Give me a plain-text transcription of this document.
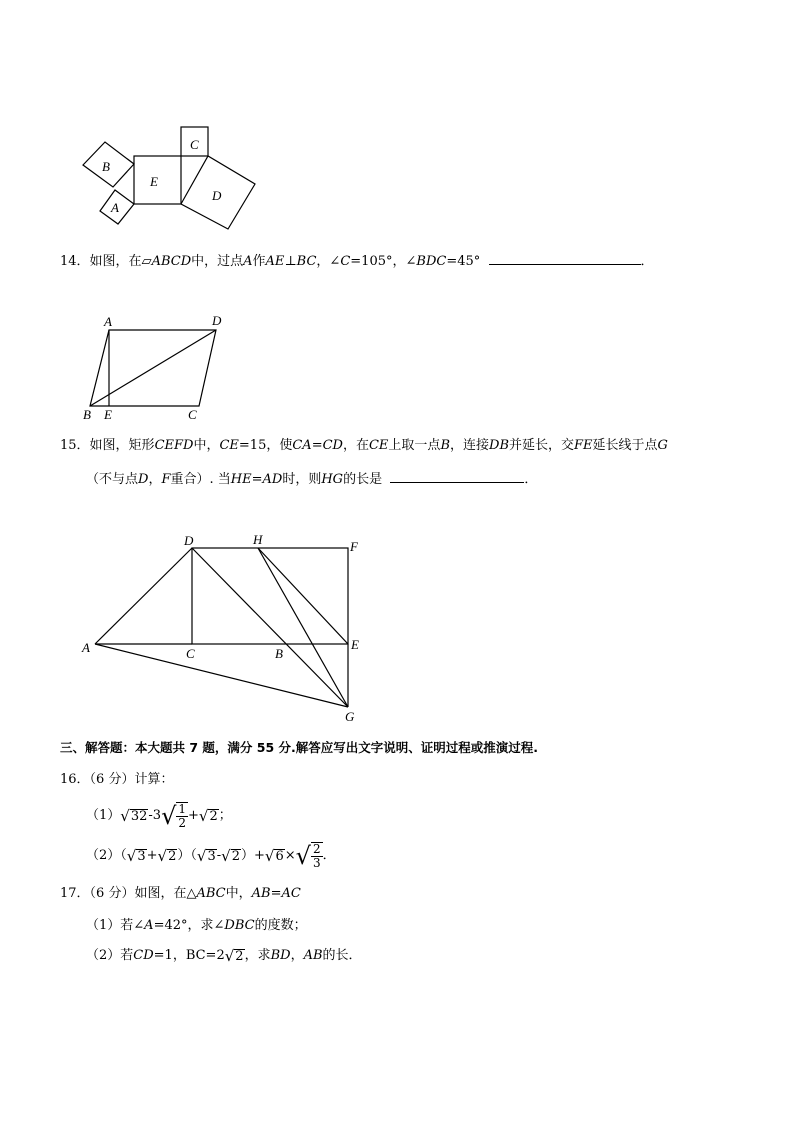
B
E
C
D
A
14．如图，在▱ABCD中，过点A作AE⊥BC，∠C=105°，∠BDC=45°	．
A	D
B E	C
15．如图，矩形CEFD中，CE=15，使CA=CD，在CE上取一点B，连接DB并延长，交FE延长线于点G
（不与点D，F重合）. 当HE=AD时，则HG的长是	．
D	H	F
A	C	B
E
G
三、解答题：本大题共 7 题，满分 55 分.解答应写出文字说明、证明过程或推演过程.
16．（6 分）计算：
（1） √ 32 -3 √ $\frac{1}{2}$ + √ 2 ；
（2）（ √ 3 + √ 2 ）（ √ 3 - √ 2 ）+ √ 6 × √ $\frac{2}{3}$ ．
17．（6 分）如图，在△ABC中，AB=AC
（1）若∠A=42°，求∠DBC的度数；
（2）若 CD =1，BC=2 √ 2 ，求 BD ， AB 的长．
